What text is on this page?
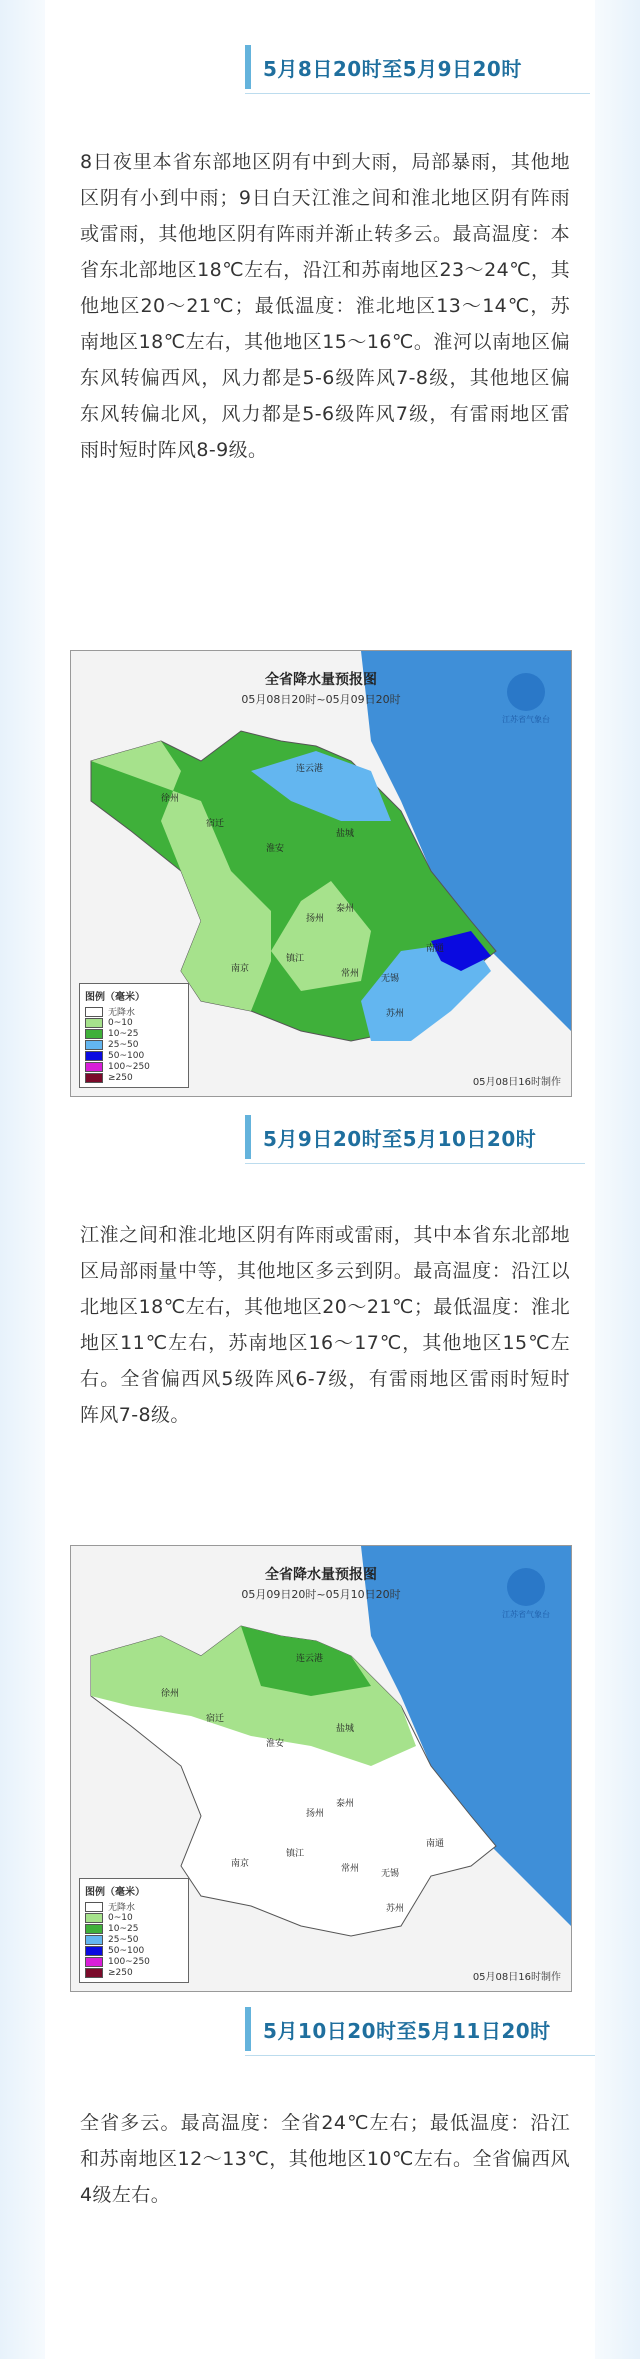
5月8日20时至5月9日20时
8日夜里本省东部地区阴有中到大雨，局部暴雨，其他地区阴有小到中雨；9日白天江淮之间和淮北地区阴有阵雨或雷雨，其他地区阴有阵雨并渐止转多云。最高温度：本省东北部地区18℃左右，沿江和苏南地区23～24℃，其他地区20～21℃；最低温度：淮北地区13～14℃，苏南地区18℃左右，其他地区15～16℃。淮河以南地区偏东风转偏西风，风力都是5-6级阵风7-8级，其他地区偏东风转偏北风，风力都是5-6级阵风7级，有雷雨地区雷雨时短时阵风8-9级。
连云港
徐州
宿迁
淮安
盐城
扬州
泰州
南通
南京
镇江
常州 无锡
苏州
全省降水量预报图
05月08日20时~05月09日20时
江苏省气象台
图例（毫米）
无降水
0~10
10~25
25~50
50~100
100~250
≥250	05月08日16时制作
5月9日20时至5月10日20时
江淮之间和淮北地区阴有阵雨或雷雨，其中本省东北部地区局部雨量中等，其他地区多云到阴。最高温度：沿江以北地区18℃左右，其他地区20～21℃；最低温度：淮北地区11℃左右，苏南地区16～17℃，其他地区15℃左右。全省偏西风5级阵风6-7级，有雷雨地区雷雨时短时阵风7-8级。
连云港
徐州
宿迁
淮安
盐城
扬州
泰州
南通
南京
镇江
常州 无锡
苏州
全省降水量预报图
05月09日20时~05月10日20时
江苏省气象台
图例（毫米）
无降水
0~10
10~25
25~50
50~100
100~250
≥250	05月08日16时制作
5月10日20时至5月11日20时
全省多云。最高温度：全省24℃左右；最低温度：沿江和苏南地区12～13℃，其他地区10℃左右。全省偏西风4级左右。
